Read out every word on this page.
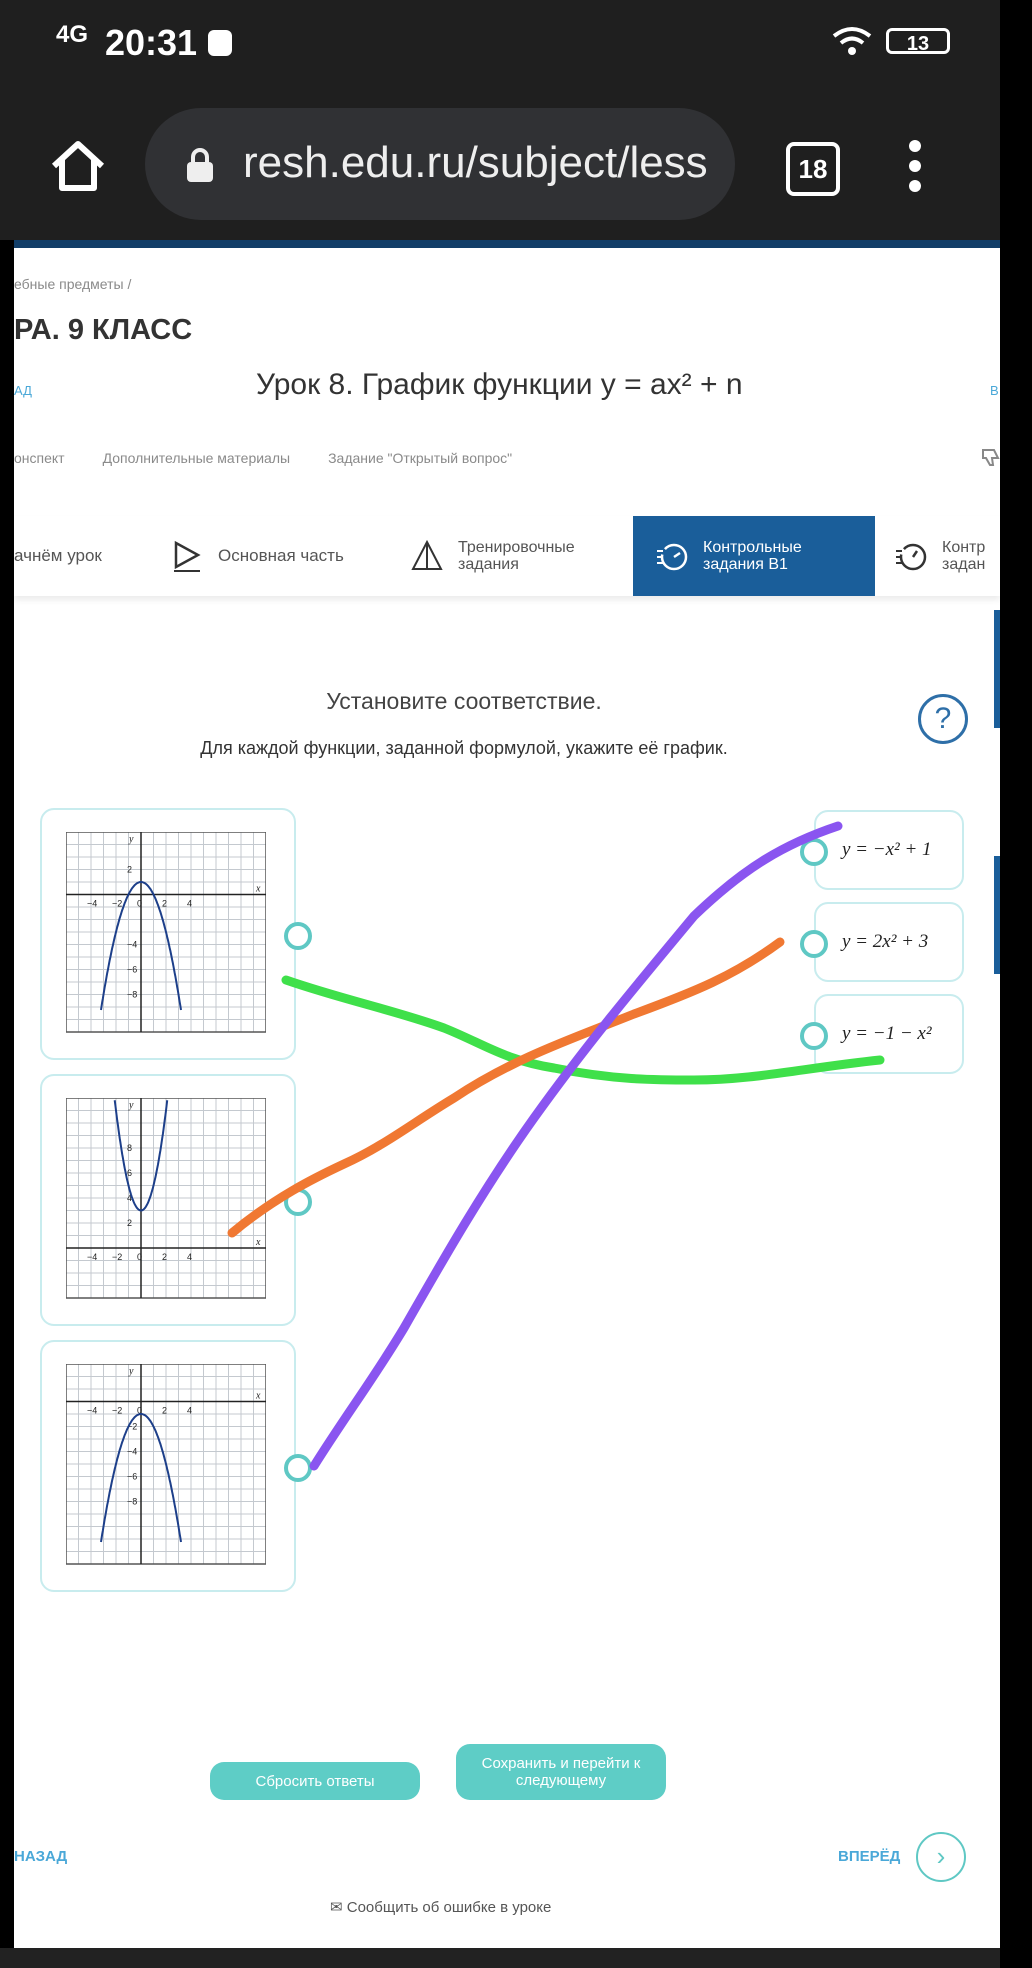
4G 20:31	13
resh.edu.ru/subject/less	18
ебные предметы /
РА. 9 КЛАСС
АД	Урок 8. График функции y = ax² + n	В
онспект	Дополнительные материалы	Задание "Открытый вопрос"
ачнём урок	Основная часть	Тренировочные
задания
Контрольные
задания В1
Контр
задан
Установите соответствие.
Для каждой функции, заданной формулой, укажите её график.
?
−4 −2 0 2 4
x
y
2
−4
−6
−8
−4 −2 0 2 4
x
y
8
6
4
2
−4 −2 0 2 4
x
y
−2
−4
−6
−8
y = −x² + 1
y = 2x² + 3
y = −1 − x²
Сбросить ответы
Сохранить и перейти к следующему
НАЗАД	ВПЕРЁД	›
✉ Сообщить об ошибке в уроке
